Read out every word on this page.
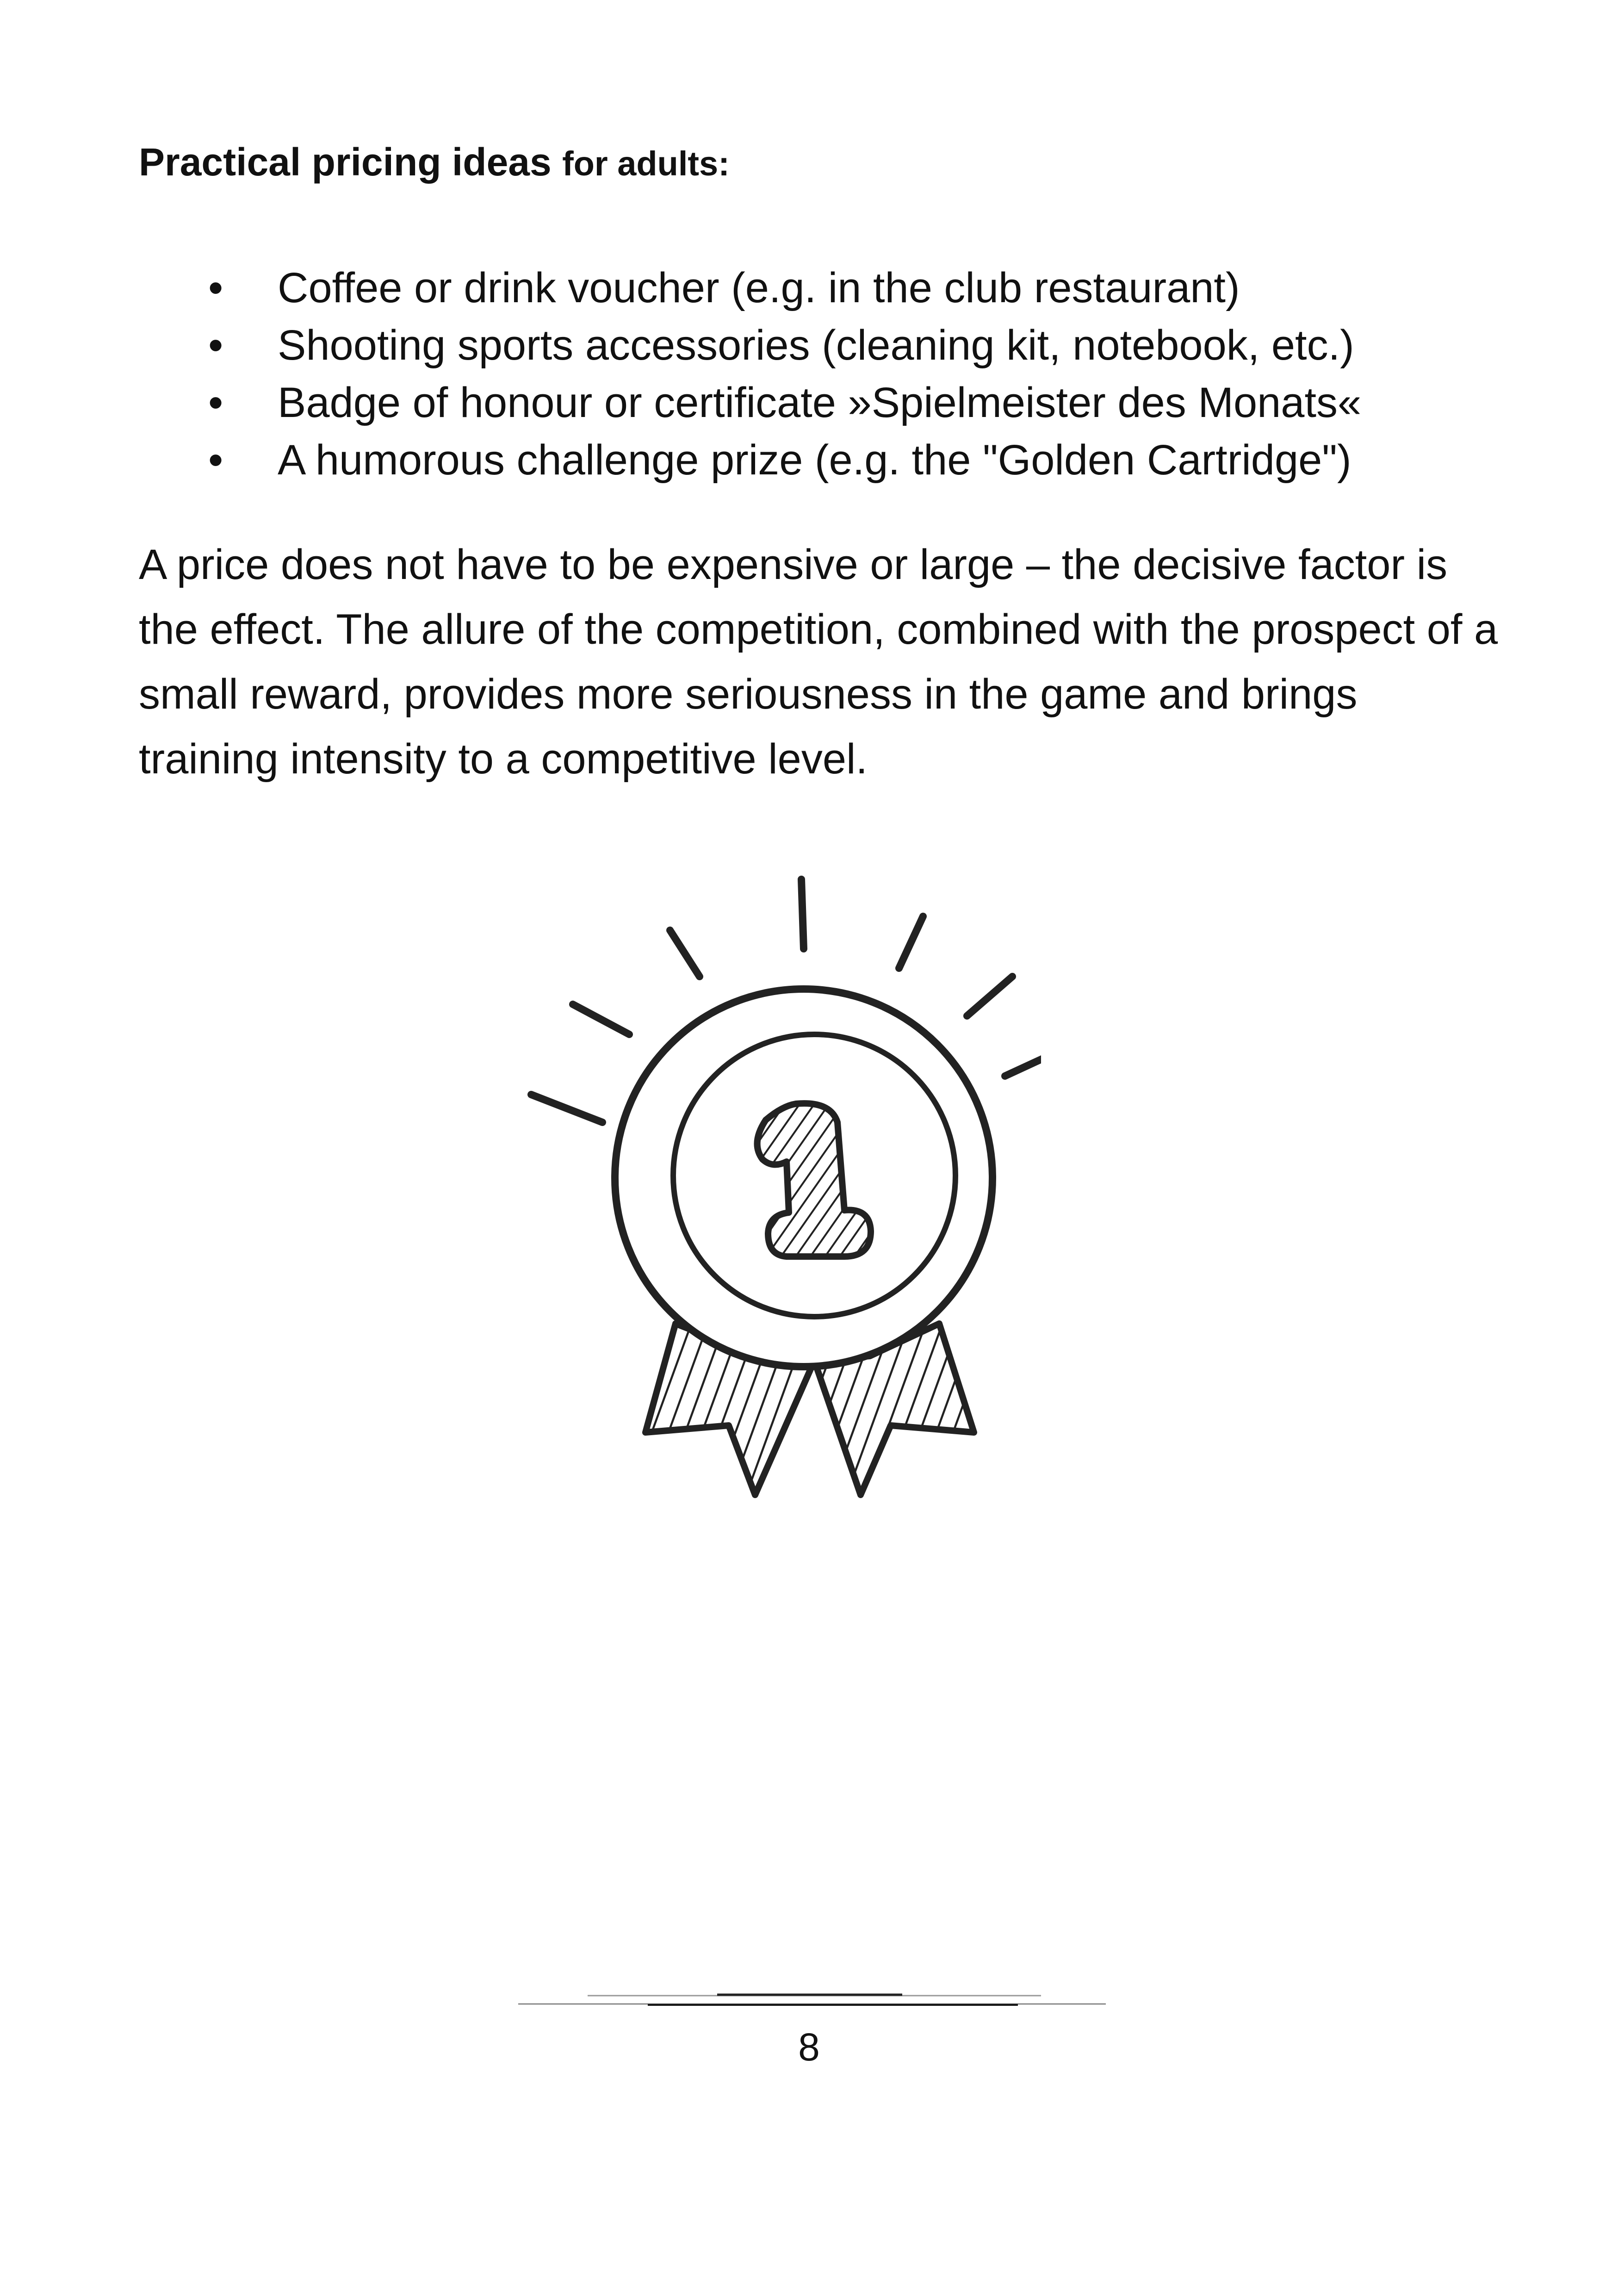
Practical pricing ideas for adults:
• Coffee or drink voucher (e.g. in the club restaurant)
• Shooting sports accessories (cleaning kit, notebook, etc.)
• Badge of honour or certificate »Spielmeister des Monats«
• A humorous challenge prize (e.g. the "Golden Cartridge")

A price does not have to be expensive or large – the decisive factor is the effect. The allure of the competition, combined with the prospect of a small reward, provides more seriousness in the game and brings training intensity to a competitive level.

8
